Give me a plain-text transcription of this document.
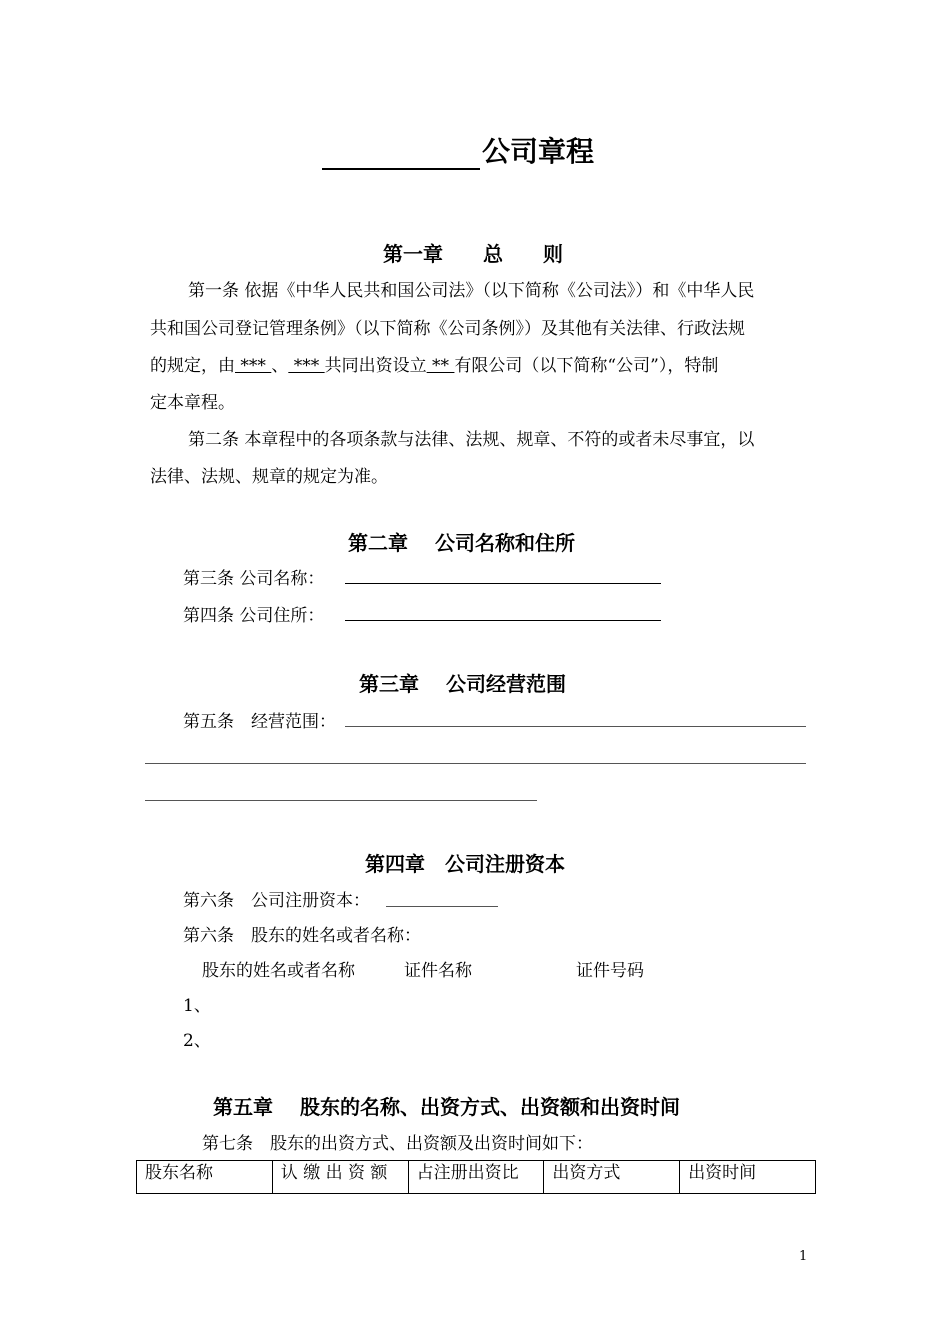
公司章程
第一章　　总　　则
第一条 依据《中华人民共和国公司法》（以下简称《公司法》）和《中华人民
共和国公司登记管理条例》（以下简称《公司条例》）及其他有关法律、行政法规
的规定，由 *** 、 *** 共同出资设立 ** 有限公司（以下简称“公司”），特制
定本章程。
第二条 本章程中的各项条款与法律、法规、规章、不符的或者未尽事宜，以
法律、法规、规章的规定为准。
第二章　 公司名称和住所
第三条 公司名称：
第四条 公司住所：
第三章　 公司经营范围
第五条　经营范围：
第四章　公司注册资本
第六条　公司注册资本：
第六条　股东的姓名或者名称：
股东的姓名或者名称	证件名称	证件号码
1、
2、
第五章　 股东的名称、出资方式、出资额和出资时间
第七条　股东的出资方式、出资额及出资时间如下：
股东名称	认 缴 出 资 额	占注册出资比	出资方式	出资时间
1
